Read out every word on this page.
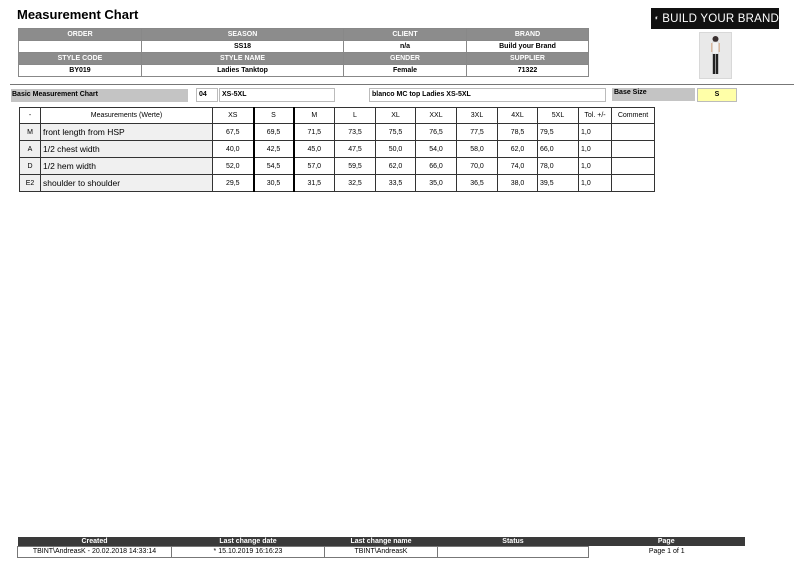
Measurement Chart	BUILD YOUR BRAND
ORDER	SEASON	CLIENT	BRAND
	SS18	n/a	Build your Brand
STYLE CODE	STYLE NAME	GENDER	SUPPLIER
BY019	Ladies Tanktop	Female	71322
Basic Measurement Chart	04	XS-5XL	blanco MC top Ladies XS-5XL	Base Size	S
-	Measurements (Werte)	XS	S	M	L	XL	XXL	3XL	4XL	5XL	Tol. +/-	Comment
M	front length from HSP	67,5	69,5	71,5	73,5	75,5	76,5	77,5	78,5	79,5	1,0	
A	1/2 chest width	40,0	42,5	45,0	47,5	50,0	54,0	58,0	62,0	66,0	1,0	
D	1/2 hem width	52,0	54,5	57,0	59,5	62,0	66,0	70,0	74,0	78,0	1,0	
E2	shoulder to shoulder	29,5	30,5	31,5	32,5	33,5	35,0	36,5	38,0	39,5	1,0	
Created	Last change date	Last change name	Status	Page
TBINT\AndreasK - 20.02.2018 14:33:14	* 15.10.2019 16:16:23	TBINT\AndreasK		Page 1 of 1
